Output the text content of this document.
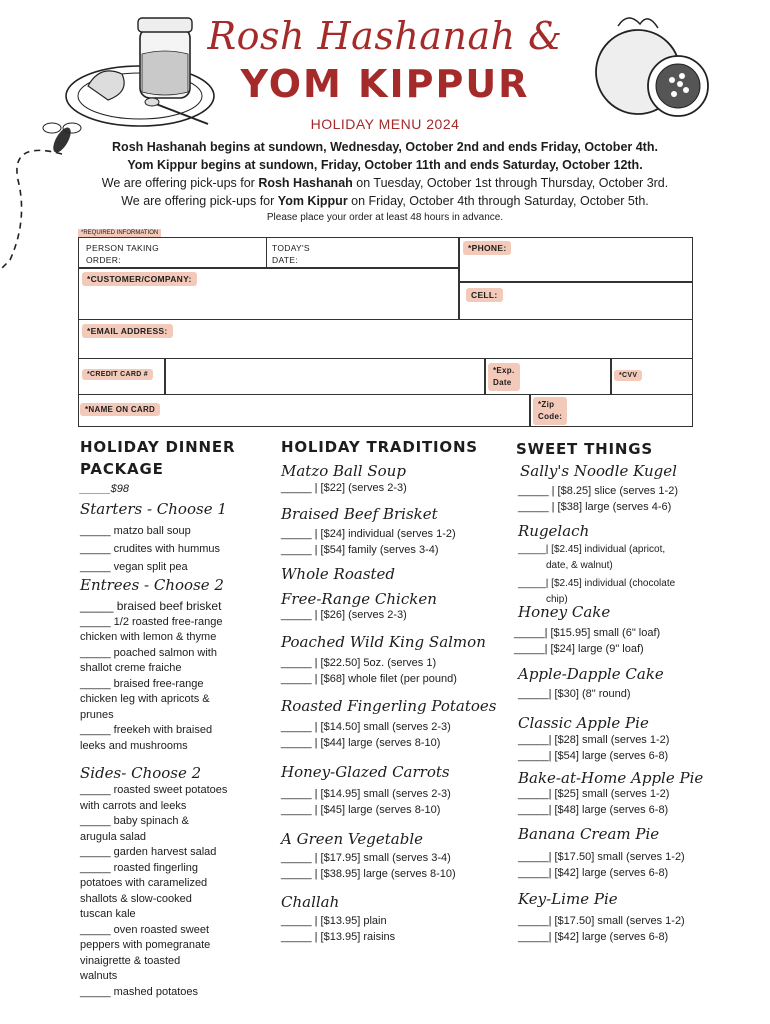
Rosh Hashanah &
YOM KIPPUR
HOLIDAY MENU 2024
Rosh Hashanah begins at sundown, Wednesday, October 2nd and ends Friday, October 4th.
Yom Kippur begins at sundown, Friday, October 11th and ends Saturday, October 12th.
We are offering pick-ups for Rosh Hashanah on Tuesday, October 1st through Thursday, October 3rd.
We are offering pick-ups for Yom Kippur on Friday, October 4th through Saturday, October 5th.
Please place your order at least 48 hours in advance.
*REQUIRED INFORMATION
PERSON TAKING
ORDER:
TODAY'S
DATE:
*PHONE:
*CUSTOMER/COMPANY:
CELL:
*EMAIL ADDRESS:
*CREDIT CARD #	*Exp.
Date
*CVV
*NAME ON CARD
*Zip
Code:
HOLIDAY DINNER
PACKAGE
_____$98
Starters - Choose 1
_____ matzo ball soup
_____ crudites with hummus
_____ vegan split pea
Entrees - Choose 2
_____ braised beef brisket
_____ 1/2 roasted free-range
chicken with lemon & thyme
_____ poached salmon with
shallot creme fraiche
_____ braised free-range
chicken leg with apricots &
prunes
_____ freekeh with braised
leeks and mushrooms
Sides- Choose 2
_____ roasted sweet potatoes
with carrots and leeks
_____ baby spinach &
arugula salad
_____ garden harvest salad
_____ roasted fingerling
potatoes with caramelized
shallots & slow-cooked
tuscan kale
_____ oven roasted sweet
peppers with pomegranate
vinaigrette & toasted
walnuts
_____ mashed potatoes
HOLIDAY TRADITIONS
Matzo Ball Soup
_____ | [$22] (serves 2-3)
Braised Beef Brisket
_____ | [$24] individual (serves 1-2)
_____ | [$54] family (serves 3-4)
Whole Roasted
Free-Range Chicken
_____ | [$26] (serves 2-3)
Poached Wild King Salmon
_____ | [$22.50] 5oz. (serves 1)
_____ | [$68] whole filet (per pound)
Roasted Fingerling Potatoes
_____ | [$14.50] small (serves 2-3)
_____ | [$44] large (serves 8-10)
Honey-Glazed Carrots
_____ | [$14.95] small (serves 2-3)
_____ | [$45] large (serves 8-10)
A Green Vegetable
_____ | [$17.95] small (serves 3-4)
_____ | [$38.95] large (serves 8-10)
Challah
_____ | [$13.95] plain
_____ | [$13.95] raisins
SWEET THINGS
Sally's Noodle Kugel
_____ | [$8.25] slice (serves 1-2)
_____ | [$38] large (serves 4-6)
Rugelach
_____| [$2.45] individual (apricot,
date, & walnut)
_____| [$2.45] individual (chocolate
chip)
Honey Cake
_____| [$15.95] small (6" loaf)
_____| [$24] large (9" loaf)
Apple-Dapple Cake
_____| [$30] (8" round)
Classic Apple Pie
_____| [$28] small (serves 1-2)
_____| [$54] large (serves 6-8)
Bake-at-Home Apple Pie
_____| [$25] small (serves 1-2)
_____| [$48] large (serves 6-8)
Banana Cream Pie
_____| [$17.50] small (serves 1-2)
_____| [$42] large (serves 6-8)
Key-Lime Pie
_____| [$17.50] small (serves 1-2)
_____| [$42] large (serves 6-8)
